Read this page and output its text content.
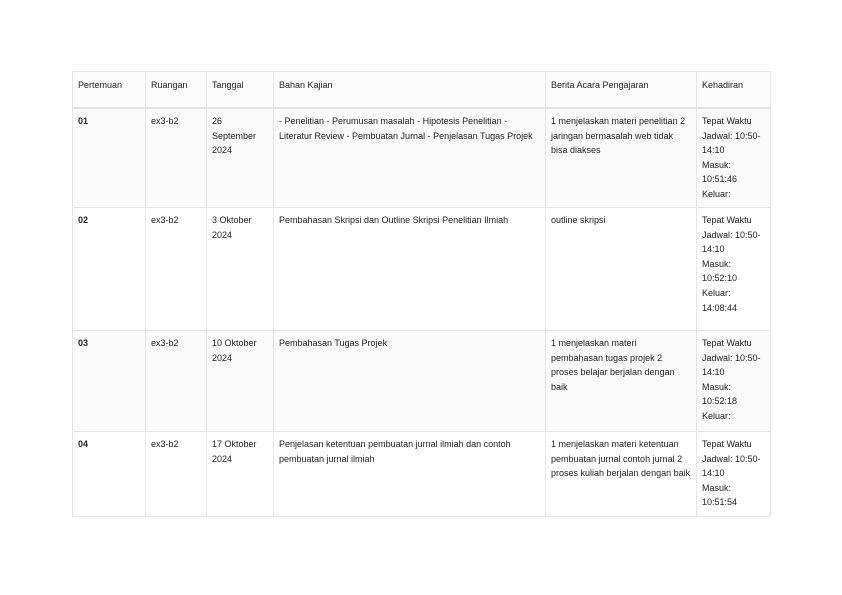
Pertemuan	Ruangan	Tanggal	Bahan Kajian	Berita Acara Pengajaran	Kehadiran
01	ex3-b2	26 September 2024	- Penelitian - Perumusan masalah - Hipotesis Penelitian - Literatur Review - Pembuatan Jurnal - Penjelasan Tugas Projek	1 menjelaskan materi penelitian 2 jaringan bermasalah web tidak bisa diakses	Tepat Waktu
Jadwal: 10:50-14:10
Masuk: 10:51:46
Keluar:

02	ex3-b2	3 Oktober 2024	Pembahasan Skripsi dan Outline Skripsi Penelitian Ilmiah	outline skripsi	Tepat Waktu
Jadwal: 10:50-14:10
Masuk: 10:52:10
Keluar: 14:08:44

03	ex3-b2	10 Oktober 2024	Pembahasan Tugas Projek	1 menjelaskan materi pembahasan tugas projek 2 proses belajar berjalan dengan baik	Tepat Waktu
Jadwal: 10:50-14:10
Masuk: 10:52:18
Keluar:

04	ex3-b2	17 Oktober 2024	Penjelasan ketentuan pembuatan jurnal ilmiah dan contoh pembuatan jurnal ilmiah	1 menjelaskan materi ketentuan pembuatan jurnal contoh jurnal 2 proses kuliah berjalan dengan baik	Tepat Waktu
Jadwal: 10:50-14:10
Masuk: 10:51:54
